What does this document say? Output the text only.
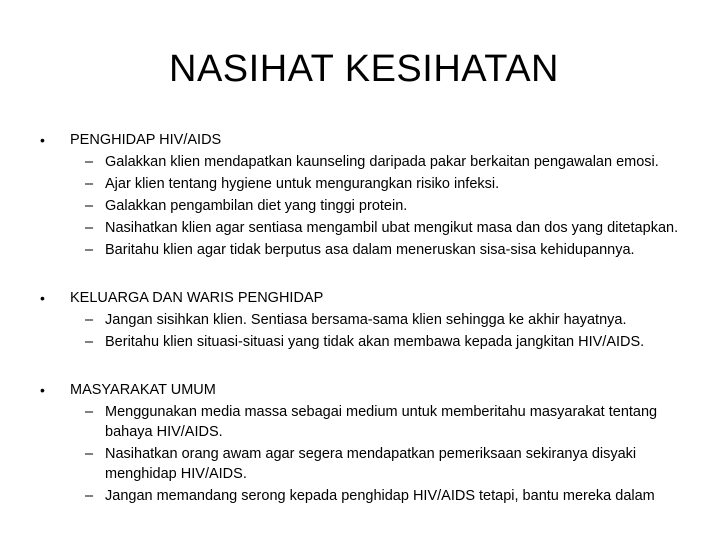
NASIHAT KESIHATAN
•	PENGHIDAP HIV/AIDS
– Galakkan klien mendapatkan kaunseling daripada pakar berkaitan pengawalan emosi.
– Ajar klien tentang hygiene untuk mengurangkan risiko infeksi.
– Galakkan pengambilan diet yang tinggi protein.
– Nasihatkan klien agar sentiasa mengambil ubat mengikut masa dan dos yang ditetapkan.
– Baritahu klien agar tidak berputus asa dalam meneruskan sisa-sisa kehidupannya.
•	KELUARGA DAN WARIS PENGHIDAP
– Jangan sisihkan klien. Sentiasa bersama-sama klien sehingga ke akhir hayatnya.
– Beritahu klien situasi-situasi yang tidak akan membawa kepada jangkitan HIV/AIDS.
•	MASYARAKAT UMUM
– Menggunakan media massa sebagai medium untuk memberitahu masyarakat tentang bahaya HIV/AIDS.
– Nasihatkan orang awam agar segera mendapatkan pemeriksaan sekiranya disyaki menghidap HIV/AIDS.
– Jangan memandang serong kepada penghidap HIV/AIDS tetapi, bantu mereka dalam
